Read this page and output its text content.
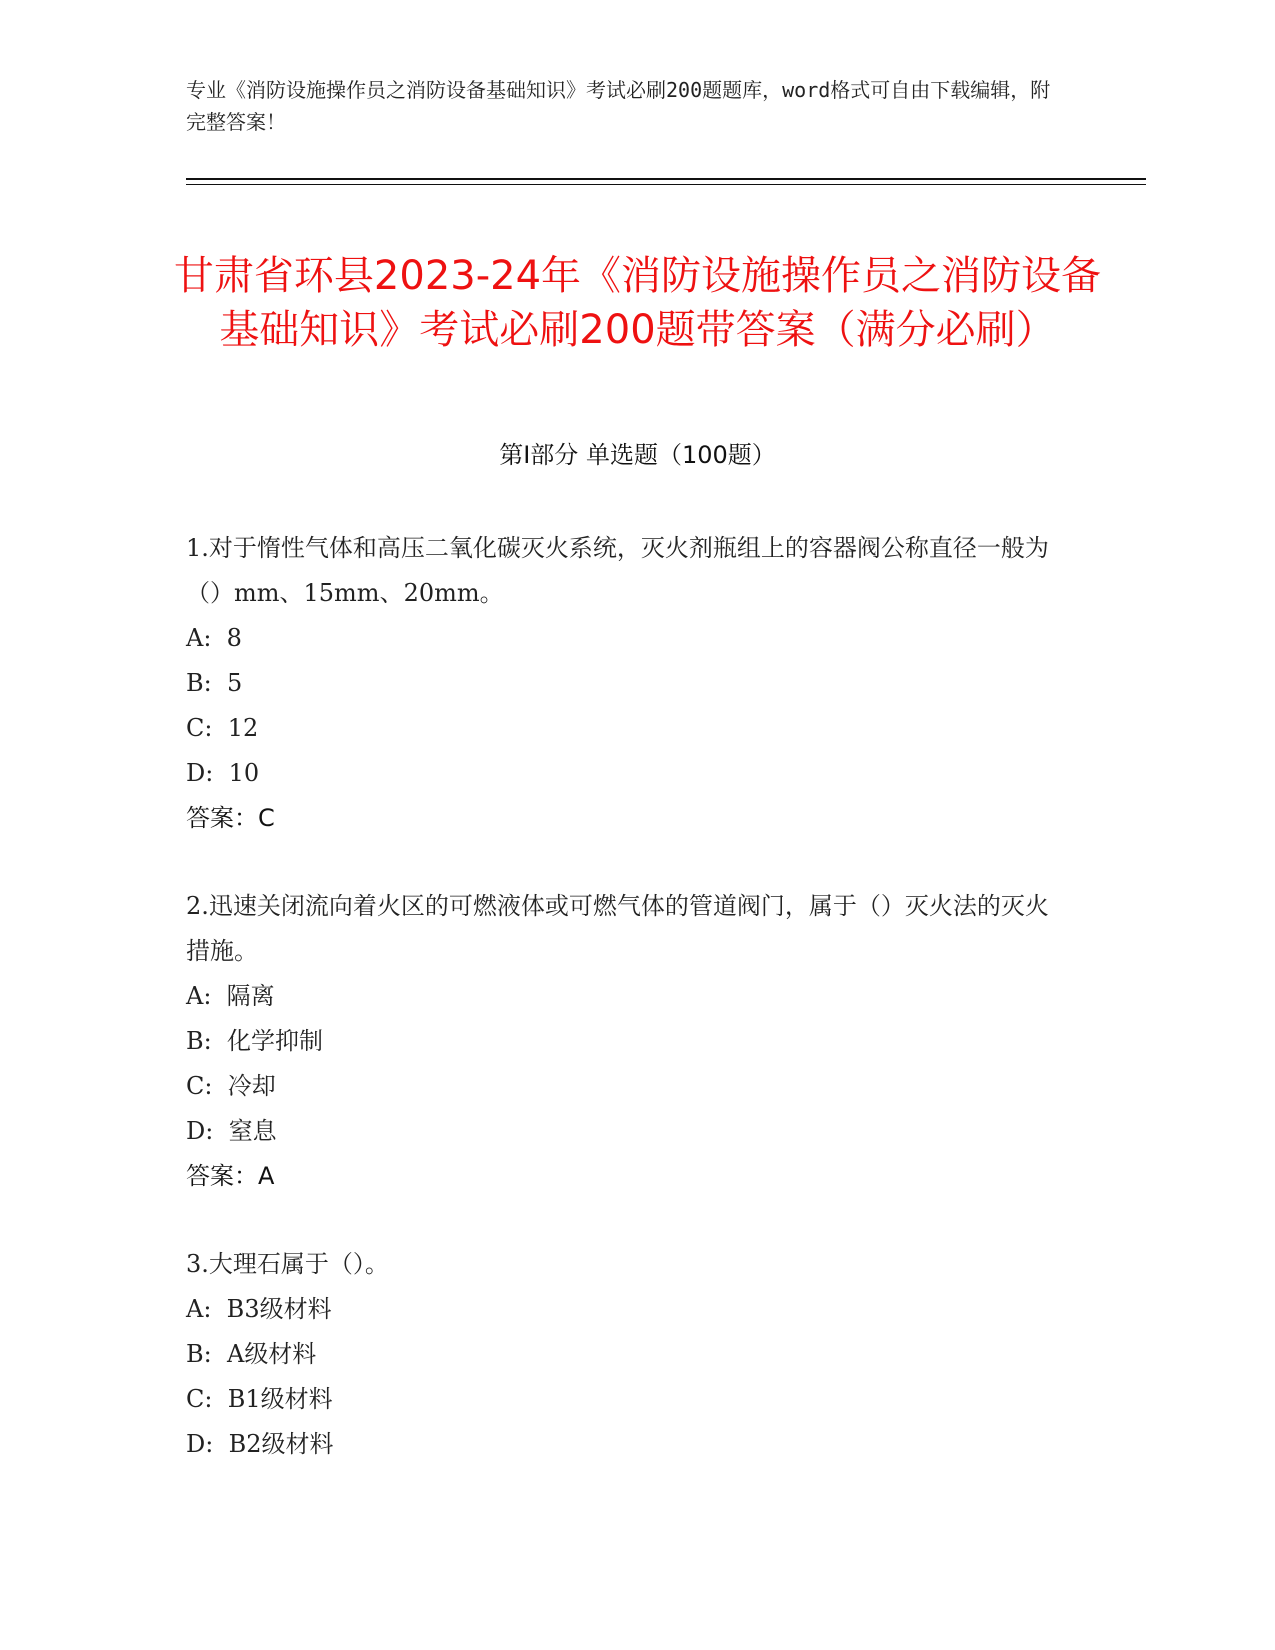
专业《消防设施操作员之消防设备基础知识》考试必刷200题题库，word格式可自由下载编辑，附完整答案！
甘肃省环县2023-24年《消防设施操作员之消防设备基础知识》考试必刷200题带答案（满分必刷）
第Ⅰ部分 单选题（100题）

1.对于惰性气体和高压二氧化碳灭火系统，灭火剂瓶组上的容器阀公称直径一般为（）mm、15mm、20mm。

A:  8
B:  5
C:  12
D:  10
答案：C

2.迅速关闭流向着火区的可燃液体或可燃气体的管道阀门，属于（）灭火法的灭火措施。

A:  隔离
B:  化学抑制
C:  冷却
D:  窒息
答案：A

3.大理石属于（）。

A:  B3级材料
B:  A级材料
C:  B1级材料
D:  B2级材料
